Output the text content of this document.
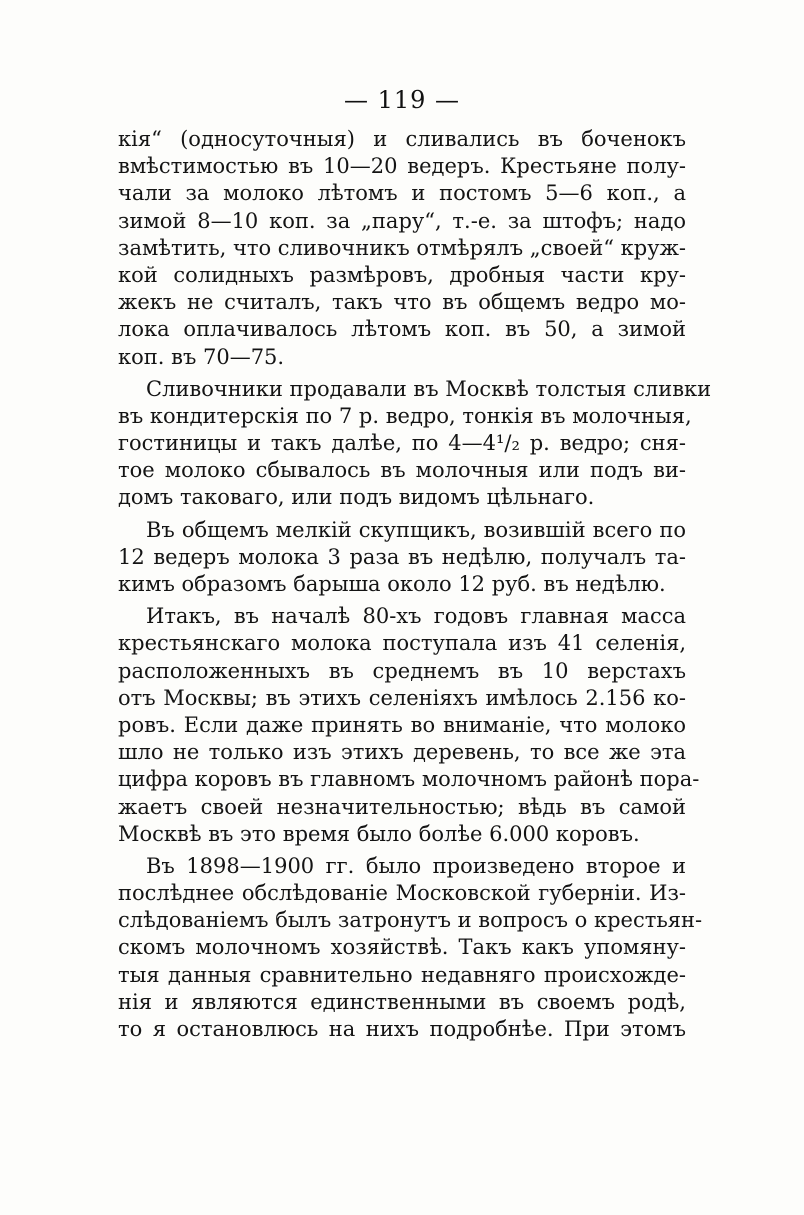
— 119 —
кія“ (односуточныя) и сливались въ боченокъ
вмѣстимостью въ 10—20 ведеръ. Крестьяне полу-
чали за молоко лѣтомъ и постомъ 5—6 коп., а
зимой 8—10 коп. за „пару“, т.-е. за штофъ; надо
замѣтить, что сливочникъ отмѣрялъ „своей“ круж-
кой солидныхъ размѣровъ, дробныя части кру-
жекъ не считалъ, такъ что въ общемъ ведро мо-
лока оплачивалось лѣтомъ коп. въ 50, а зимой
коп. въ 70—75.
Сливочники продавали въ Москвѣ толстыя сливки
въ кондитерскія по 7 р. ведро, тонкія въ молочныя,
гостиницы и такъ далѣе, по 4—4¹/₂ р. ведро; сня-
тое молоко сбывалось въ молочныя или подъ ви-
домъ таковаго, или подъ видомъ цѣльнаго.
Въ общемъ мелкій скупщикъ, возившій всего по
12 ведеръ молока 3 раза въ недѣлю, получалъ та-
кимъ образомъ барыша около 12 руб. въ недѣлю.
Итакъ, въ началѣ 80-хъ годовъ главная масса
крестьянскаго молока поступала изъ 41 селенія,
расположенныхъ въ среднемъ въ 10 верстахъ
отъ Москвы; въ этихъ селеніяхъ имѣлось 2.156 ко-
ровъ. Если даже принять во вниманіе, что молоко
шло не только изъ этихъ деревень, то все же эта
цифра коровъ въ главномъ молочномъ районѣ пора-
жаетъ своей незначительностью; вѣдь въ самой
Москвѣ въ это время было болѣе 6.000 коровъ.
Въ 1898—1900 гг. было произведено второе и
послѣднее обслѣдованіе Московской губерніи. Из-
слѣдованіемъ былъ затронутъ и вопросъ о крестьян-
скомъ молочномъ хозяйствѣ. Такъ какъ упомяну-
тыя данныя сравнительно недавняго происхожде-
нія и являются единственными въ своемъ родѣ,
то я остановлюсь на нихъ подробнѣе. При этомъ
